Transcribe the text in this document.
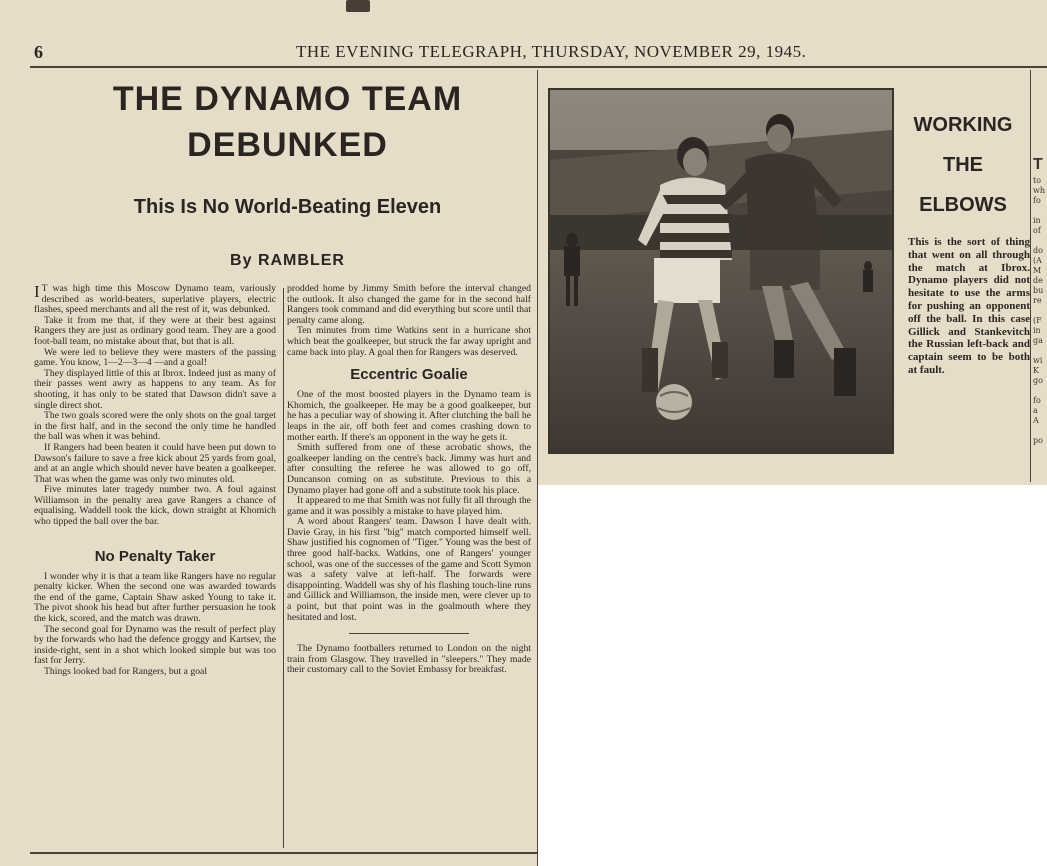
6	THE EVENING TELEGRAPH, THURSDAY, NOVEMBER 29, 1945.
THE DYNAMO TEAM
DEBUNKED
This Is No World-Beating Eleven
By RAMBLER

IT was high time this Moscow Dynamo team, variously described as world-beaters, superlative players, electric flashes, speed merchants and all the rest of it, was debunked.

Take it from me that, if they were at their best against Rangers they are just as ordinary good team. They are a good foot-ball team, no mistake about that, but that is all.

We were led to believe they were masters of the passing game. You know, 1—2—3—4 —and a goal!

They displayed little of this at Ibrox. Indeed just as many of their passes went awry as happens to any team. As for shooting, it has only to be stated that Dawson didn't save a single direct shot.

The two goals scored were the only shots on the goal target in the first half, and in the second the only time he handled the ball was when it was behind.

If Rangers had been beaten it could have been put down to Dawson's failure to save a free kick about 25 yards from goal, and at an angle which should never have beaten a goalkeeper. That was when the game was only two minutes old.

Five minutes later tragedy number two. A foul against Williamson in the penalty area gave Rangers a chance of equalising. Waddell took the kick, down straight at Khomich who tipped the ball over the bar.

No Penalty Taker

I wonder why it is that a team like Rangers have no regular penalty kicker. When the second one was awarded towards the end of the game, Captain Shaw asked Young to take it. The pivot shook his head but after further persuasion he took the kick, scored, and the match was drawn.

The second goal for Dynamo was the result of perfect play by the forwards who had the defence groggy and Kartsev, the inside-right, sent in a shot which looked simple but was too fast for Jerry.

Things looked bad for Rangers, but a goal

prodded home by Jimmy Smith before the interval changed the outlook. It also changed the game for in the second half Rangers took command and did everything but score until that penalty came along.

Ten minutes from time Watkins sent in a hurricane shot which beat the goalkeeper, but struck the far away upright and came back into play. A goal then for Rangers was deserved.

Eccentric Goalie

One of the most boosted players in the Dynamo team is Khomich, the goalkeeper. He may be a good goalkeeper, but he has a peculiar way of showing it. After clutching the ball he leaps in the air, off both feet and comes crashing down to mother earth. If there's an opponent in the way he gets it.

Smith suffered from one of these acrobatic shows, the goalkeeper landing on the centre's back. Jimmy was hurt and after consulting the referee he was allowed to go off, Duncanson coming on as substitute. Previous to this a Dynamo player had gone off and a substitute took his place.

It appeared to me that Smith was not fully fit all through the game and it was possibly a mistake to have played him.

A word about Rangers' team. Dawson I have dealt with. Davie Gray, in his first "big" match comported himself well. Shaw justified his cognomen of "Tiger." Young was the best of three good half-backs. Watkins, one of Rangers' younger school, was one of the successes of the game and Scott Symon was a safety valve at left-half. The forwards were disappointing. Waddell was shy of his flashing touch-line runs and Gillick and Williamson, the inside men, were clever up to a point, but that point was in the goalmouth where they hesitated and lost.

The Dynamo footballers returned to London on the night train from Glasgow. They travelled in "sleepers." They made their customary call to the Soviet Embassy for breakfast.

WORKING
THE
ELBOWS
This is the sort of thing that went on all through the match at Ibrox. Dynamo players did not hesitate to use the arms for pushing an opponent off the ball. In this case Gillick and Stankevitch the Russian left-back and captain seem to be both at fault.
T
to
wh
fo
in
of
do
(A
M
de
bu
re
(F
in
ga
wi
K
go
fo
a
A
po
